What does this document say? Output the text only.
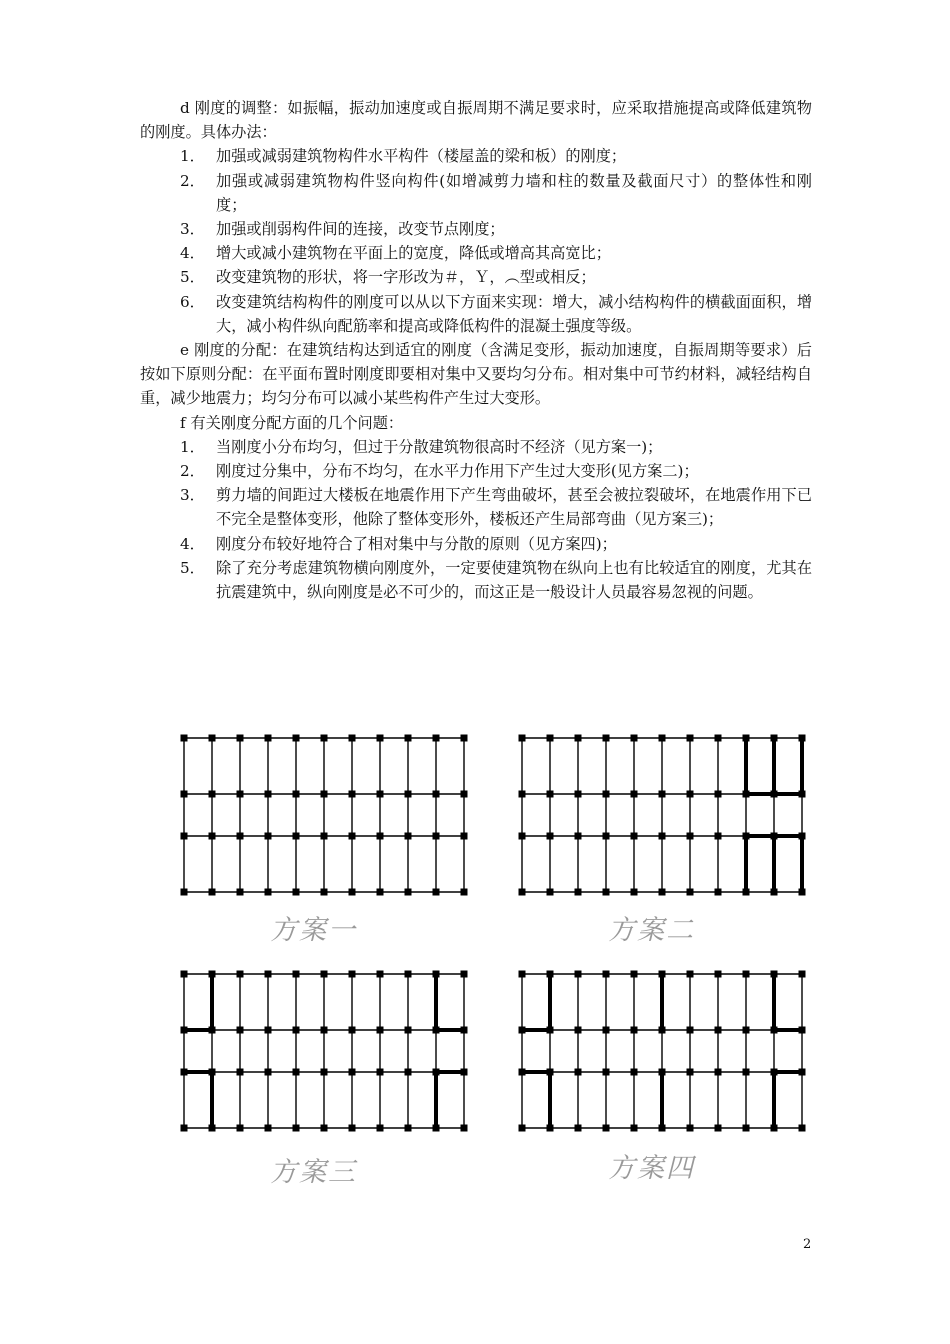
d 刚度的调整：如振幅，振动加速度或自振周期不满足要求时，应采取措施提高或降低建筑物的刚度。具体办法：

1． 加强或减弱建筑物构件水平构件（楼屋盖的梁和板）的刚度；

2． 加强或减弱建筑物构件竖向构件(如增减剪力墙和柱的数量及截面尺寸）的整体性和刚度；

3． 加强或削弱构件间的连接，改变节点刚度；

4． 增大或减小建筑物在平面上的宽度，降低或增高其高宽比；

5． 改变建筑物的形状，将一字形改为＃，Ｙ，︵型或相反；

6． 改变建筑结构构件的刚度可以从以下方面来实现：增大，减小结构构件的横截面面积，增大，减小构件纵向配筋率和提高或降低构件的混凝土强度等级。

e 刚度的分配：在建筑结构达到适宜的刚度（含满足变形，振动加速度，自振周期等要求）后按如下原则分配：在平面布置时刚度即要相对集中又要均匀分布。相对集中可节约材料，减轻结构自重，减少地震力；均匀分布可以减小某些构件产生过大变形。

f 有关刚度分配方面的几个问题：

1． 当刚度小分布均匀，但过于分散建筑物很高时不经济（见方案一)；

2． 刚度过分集中，分布不均匀，在水平力作用下产生过大变形(见方案二)；

3． 剪力墙的间距过大楼板在地震作用下产生弯曲破坏，甚至会被拉裂破坏，在地震作用下已不完全是整体变形，他除了整体变形外，楼板还产生局部弯曲（见方案三)；

4． 刚度分布较好地符合了相对集中与分散的原则（见方案四)；

5． 除了充分考虑建筑物横向刚度外，一定要使建筑物在纵向上也有比较适宜的刚度，尤其在抗震建筑中，纵向刚度是必不可少的，而这正是一般设计人员最容易忽视的问题。

方案一	方案二
方案三	方案四
2
